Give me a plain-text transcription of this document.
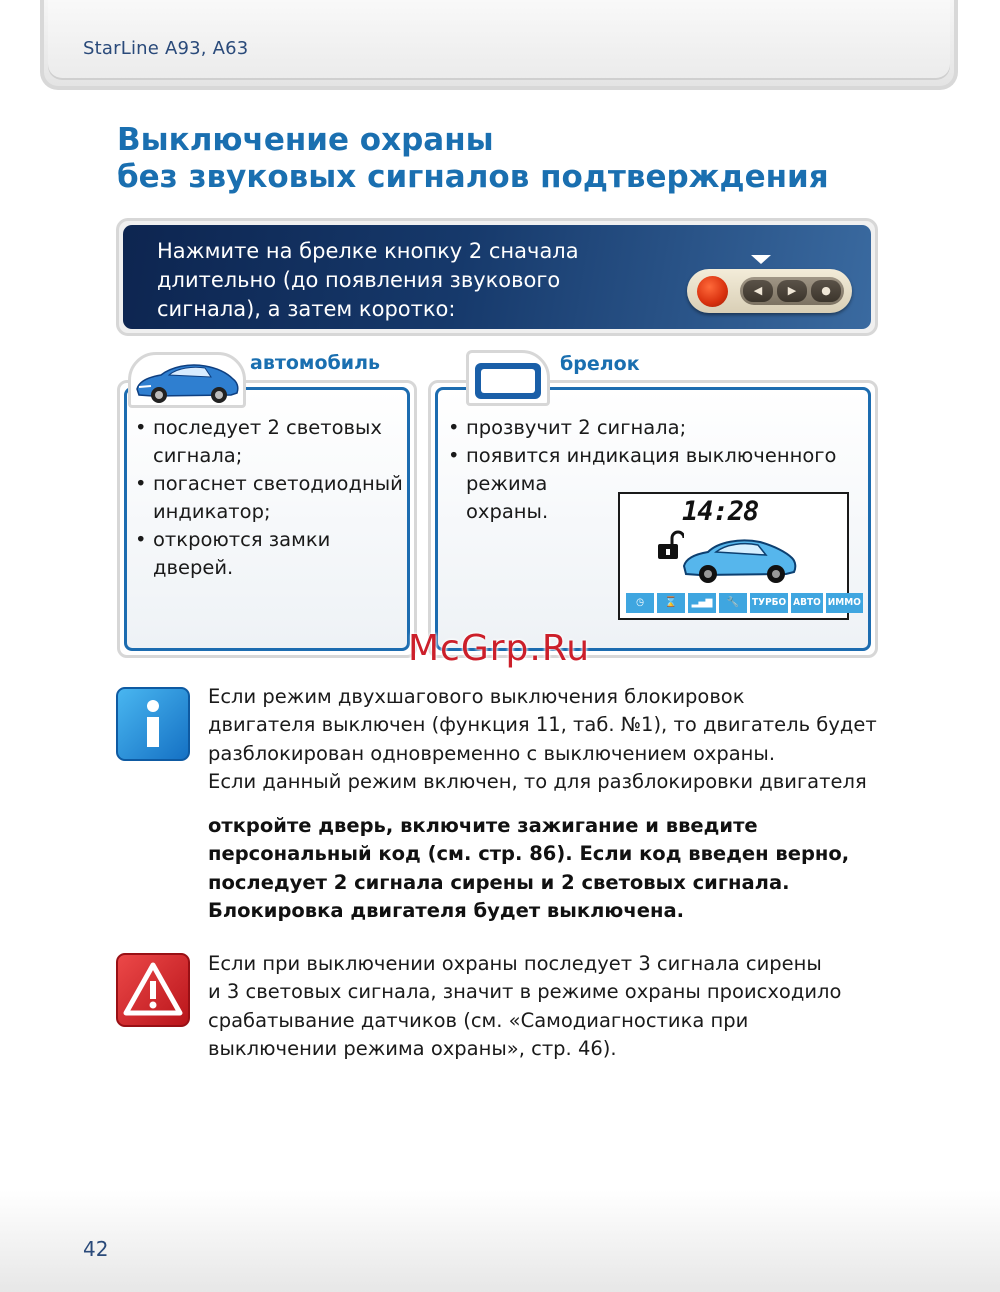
StarLine A93, A63
Выключение охраны
без звуковых сигналов подтверждения
Нажмите на брелке кнопку 2 сначала
длительно (до появления звукового
сигнала), а затем коротко:
◀	▶	●
автомобиль
• последует 2 световых
сигнала;
• погаснет светодиодный
индикатор;
• откроются замки
дверей.
брелок
• прозвучит 2 сигнала;
• появится индикация выключенного
режима
охраны.	14:28
◷	⌛	▂▄▆	🔧	ТУРБО АВТО ИММО
McGrp.Ru
Если режим двухшагового выключения блокировок
двигателя выключен (функция 11, таб. №1), то двигатель будет
разблокирован одновременно с выключением охраны.
Если данный режим включен, то для разблокировки двигателя
откройте дверь, включите зажигание и введите
персональный код (см. стр. 86). Если код введен верно,
последует 2 сигнала сирены и 2 световых сигнала.
Блокировка двигателя будет выключена.
Если при выключении охраны последует 3 сигнала сирены
и 3 световых сигнала, значит в режиме охраны происходило
срабатывание датчиков (см. «Самодиагностика при
выключении режима охраны», стр. 46).
42
